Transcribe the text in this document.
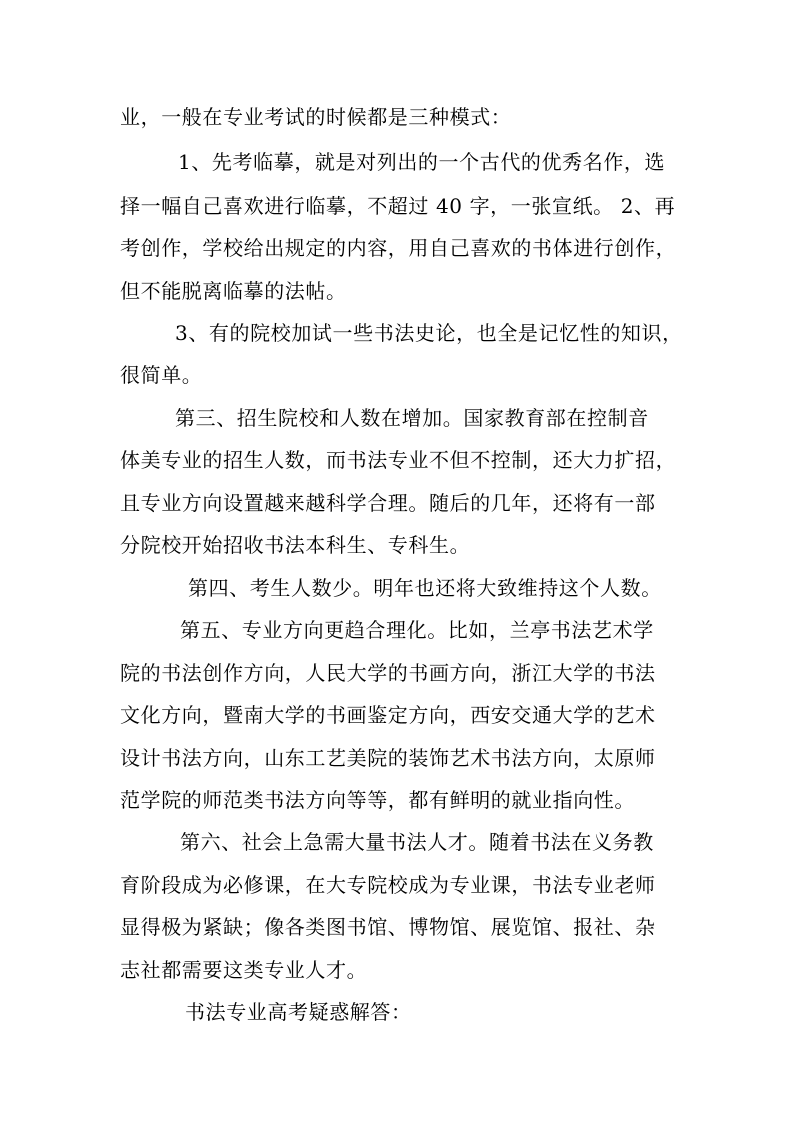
业，一般在专业考试的时候都是三种模式：
1、先考临摹，就是对列出的一个古代的优秀名作，选
择一幅自己喜欢进行临摹，不超过 40 字，一张宣纸。 2、再
考创作，学校给出规定的内容，用自己喜欢的书体进行创作，
但不能脱离临摹的法帖。
3、有的院校加试一些书法史论，也全是记忆性的知识，
很简单。
第三、招生院校和人数在增加。国家教育部在控制音
体美专业的招生人数，而书法专业不但不控制，还大力扩招，
且专业方向设置越来越科学合理。随后的几年，还将有一部
分院校开始招收书法本科生、专科生。
第四、考生人数少。明年也还将大致维持这个人数。
第五、专业方向更趋合理化。比如，兰亭书法艺术学
院的书法创作方向，人民大学的书画方向，浙江大学的书法
文化方向，暨南大学的书画鉴定方向，西安交通大学的艺术
设计书法方向，山东工艺美院的装饰艺术书法方向，太原师
范学院的师范类书法方向等等，都有鲜明的就业指向性。
第六、社会上急需大量书法人才。随着书法在义务教
育阶段成为必修课，在大专院校成为专业课，书法专业老师
显得极为紧缺；像各类图书馆、博物馆、展览馆、报社、杂
志社都需要这类专业人才。
书法专业高考疑惑解答：
